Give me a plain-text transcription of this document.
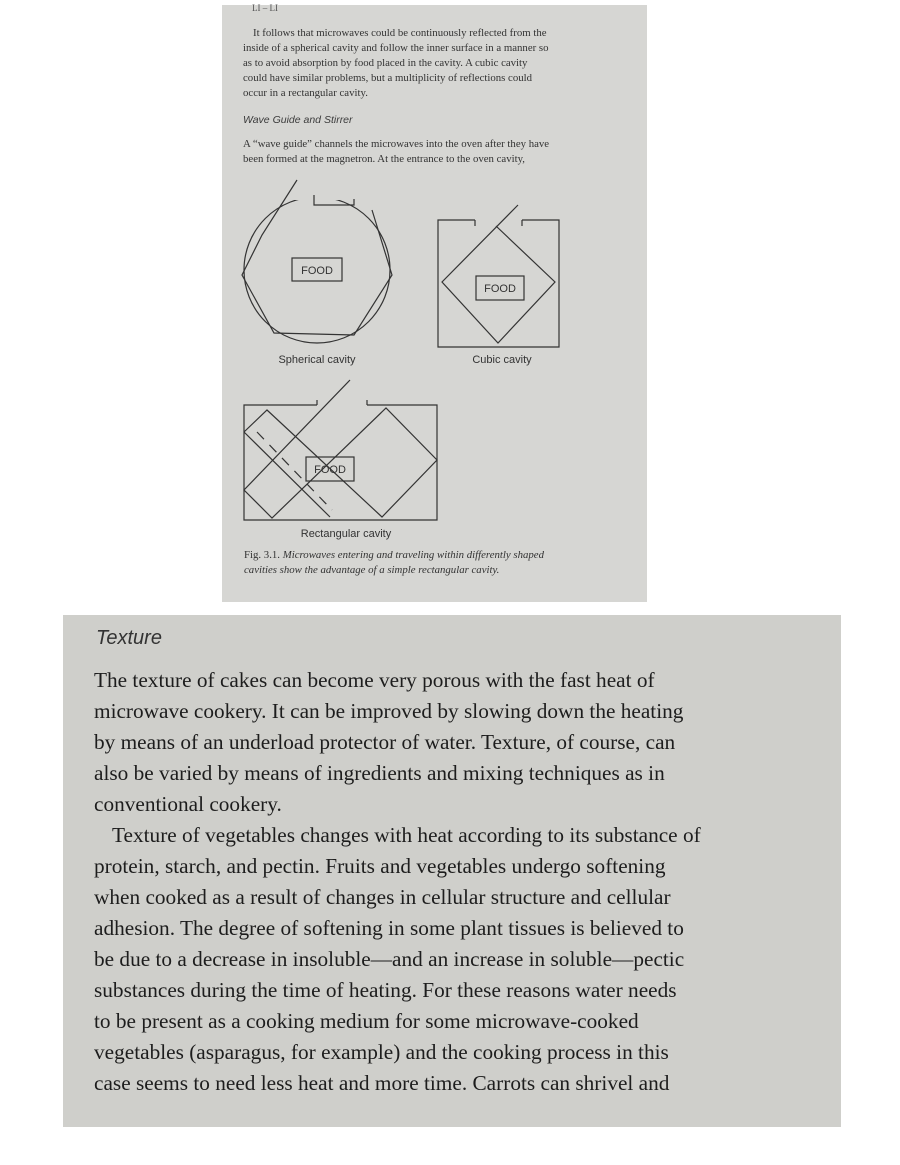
LI – LI
It follows that microwaves could be continuously reflected from the
inside of a spherical cavity and follow the inner surface in a manner so
as to avoid absorption by food placed in the cavity. A cubic cavity
could have similar problems, but a multiplicity of reflections could
occur in a rectangular cavity.
Wave Guide and Stirrer
A “wave guide” channels the microwaves into the oven after they have
been formed at the magnetron. At the entrance to the oven cavity,
FOOD
Spherical cavity
FOOD
Cubic cavity
FOOD
Rectangular cavity
Fig. 3.1. Microwaves entering and traveling within differently shaped
cavities show the advantage of a simple rectangular cavity.
Texture
The texture of cakes can become very porous with the fast heat of
microwave cookery. It can be improved by slowing down the heating
by means of an underload protector of water. Texture, of course, can
also be varied by means of ingredients and mixing techniques as in
conventional cookery.
Texture of vegetables changes with heat according to its substance of
protein, starch, and pectin. Fruits and vegetables undergo softening
when cooked as a result of changes in cellular structure and cellular
adhesion. The degree of softening in some plant tissues is believed to
be due to a decrease in insoluble—and an increase in soluble—pectic
substances during the time of heating. For these reasons water needs
to be present as a cooking medium for some microwave-cooked
vegetables (asparagus, for example) and the cooking process in this
case seems to need less heat and more time. Carrots can shrivel and
